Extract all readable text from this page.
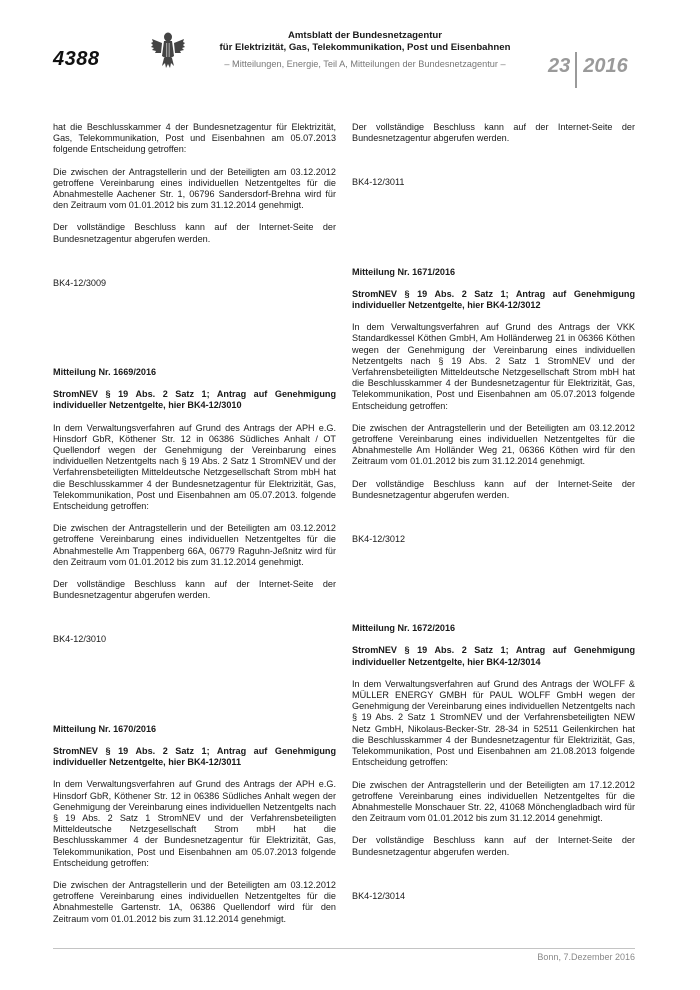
4388
Amtsblatt der Bundesnetzagentur
für Elektrizität, Gas, Telekommunikation, Post und Eisenbahnen
– Mitteilungen, Energie, Teil A, Mitteilungen der Bundesnetzagentur –	23 2016

hat die Beschlusskammer 4 der Bundesnetzagentur für Elektrizität, Gas, Telekommunikation, Post und Eisenbahnen am 05.07.2013 folgende Entscheidung getroffen:

Die zwischen der Antragstellerin und der Beteiligten am 03.12.2012 getroffene Vereinbarung eines individuellen Netzentgeltes für die Abnahmestelle Aachener Str. 1, 06796 Sandersdorf-Brehna wird für den Zeitraum vom 01.01.2012 bis zum 31.12.2014 genehmigt.

Der vollständige Beschluss kann auf der Internet-Seite der Bundesnetzagentur abgerufen werden.

BK4-12/3009

Mitteilung Nr. 1669/2016

StromNEV § 19 Abs. 2 Satz 1; Antrag auf Genehmigung individueller Netzentgelte, hier BK4-12/3010

In dem Verwaltungsverfahren auf Grund des Antrags der APH e.G. Hinsdorf GbR, Köthener Str. 12 in 06386 Südliches Anhalt / OT Quellendorf wegen der Genehmigung der Vereinbarung eines individuellen Netzentgelts nach § 19 Abs. 2 Satz 1 StromNEV und der Verfahrensbeteiligten Mitteldeutsche Netzgesellschaft Strom mbH hat die Beschlusskammer 4 der Bundesnetzagentur für Elektrizität, Gas, Telekommunikation, Post und Eisenbahnen am 05.07.2013. folgende Entscheidung getroffen:

Die zwischen der Antragstellerin und der Beteiligten am 03.12.2012 getroffene Vereinbarung eines individuellen Netzentgeltes für die Abnahmestelle Am Trappenberg 66A, 06779 Raguhn-Jeßnitz wird für den Zeitraum vom 01.01.2012 bis zum 31.12.2014 genehmigt.

Der vollständige Beschluss kann auf der Internet-Seite der Bundesnetzagentur abgerufen werden.

BK4-12/3010

Mitteilung Nr. 1670/2016

StromNEV § 19 Abs. 2 Satz 1; Antrag auf Genehmigung individueller Netzentgelte, hier BK4-12/3011

In dem Verwaltungsverfahren auf Grund des Antrags der APH e.G. Hinsdorf GbR, Köthener Str. 12 in 06386 Südliches Anhalt wegen der Genehmigung der Vereinbarung eines individuellen Netzentgelts nach § 19 Abs. 2 Satz 1 StromNEV und der Verfahrensbeteiligten Mitteldeutsche Netzgesellschaft Strom mbH hat die Beschlusskammer 4 der Bundesnetzagentur für Elektrizität, Gas, Telekommunikation, Post und Eisenbahnen am 05.07.2013 folgende Entscheidung getroffen:

Die zwischen der Antragstellerin und der Beteiligten am 03.12.2012 getroffene Vereinbarung eines individuellen Netzentgeltes für die Abnahmestelle Gartenstr. 1A, 06386 Quellendorf wird für den Zeitraum vom 01.01.2012 bis zum 31.12.2014 genehmigt.

Der vollständige Beschluss kann auf der Internet-Seite der Bundesnetzagentur abgerufen werden.

BK4-12/3011

Mitteilung Nr. 1671/2016

StromNEV § 19 Abs. 2 Satz 1; Antrag auf Genehmigung individueller Netzentgelte, hier BK4-12/3012

In dem Verwaltungsverfahren auf Grund des Antrags der VKK Standardkessel Köthen GmbH, Am Holländerweg 21 in 06366 Köthen wegen der Genehmigung der Vereinbarung eines individuellen Netzentgelts nach § 19 Abs. 2 Satz 1 StromNEV und der Verfahrensbeteiligten Mitteldeutsche Netzgesellschaft Strom mbH hat die Beschlusskammer 4 der Bundesnetzagentur für Elektrizität, Gas, Telekommunikation, Post und Eisenbahnen am 05.07.2013 folgende Entscheidung getroffen:

Die zwischen der Antragstellerin und der Beteiligten am 03.12.2012 getroffene Vereinbarung eines individuellen Netzentgeltes für die Abnahmestelle Am Holländer Weg 21, 06366 Köthen wird für den Zeitraum vom 01.01.2012 bis zum 31.12.2014 genehmigt.

Der vollständige Beschluss kann auf der Internet-Seite der Bundesnetzagentur abgerufen werden.

BK4-12/3012

Mitteilung Nr. 1672/2016

StromNEV § 19 Abs. 2 Satz 1; Antrag auf Genehmigung individueller Netzentgelte, hier BK4-12/3014

In dem Verwaltungsverfahren auf Grund des Antrags der WOLFF & MÜLLER ENERGY GMBH für PAUL WOLFF GmbH wegen der Genehmigung der Vereinbarung eines individuellen Netzentgelts nach § 19 Abs. 2 Satz 1 StromNEV und der Verfahrensbeteiligten NEW Netz GmbH, Nikolaus-Becker-Str. 28-34 in 52511 Geilenkirchen hat die Beschlusskammer 4 der Bundesnetzagentur für Elektrizität, Gas, Telekommunikation, Post und Eisenbahnen am 21.08.2013 folgende Entscheidung getroffen:

Die zwischen der Antragstellerin und der Beteiligten am 17.12.2012 getroffene Vereinbarung eines individuellen Netzentgeltes für die Abnahmestelle Monschauer Str. 22, 41068 Mönchengladbach wird für den Zeitraum vom 01.01.2012 bis zum 31.12.2014 genehmigt.

Der vollständige Beschluss kann auf der Internet-Seite der Bundesnetzagentur abgerufen werden.

BK4-12/3014

Bonn, 7.Dezember 2016
